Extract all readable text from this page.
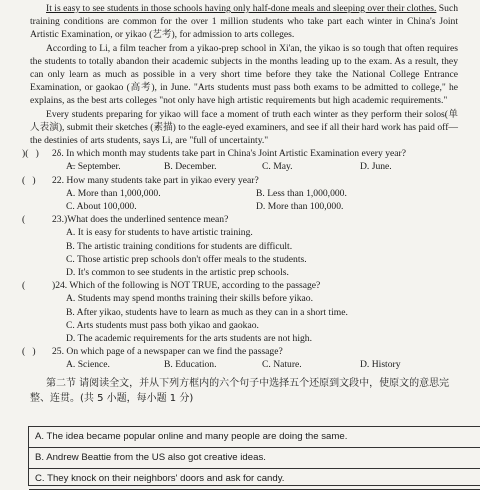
It is easy to see students in those schools having only half-done meals and sleeping over their clothes. Such training conditions are common for the over 1 million students who take part each winter in China's Joint Artistic Examination, or yikao (艺考), for admission to arts colleges.

According to Li, a film teacher from a yikao-prep school in Xi'an, the yikao is so tough that often requires the students to totally abandon their academic subjects in the months leading up to the exam. As a result, they can only learn as much as possible in a very short time before they take the National College Entrance Examination, or gaokao (高考), in June. "Arts students must pass both exams to be admitted to college," he explains, as the best arts colleges "not only have high artistic requirements but high academic requirements."

Every students preparing for yikao will face a moment of truth each winter as they perform their solos(单人表演), submit their sketches (素描) to the eagle-eyed examiners, and see if all their hard work has paid off—the destinies of arts students, says Li, are "full of uncertainty."

)(   ) 2δ. In which month may students take part in China's Joint Artistic Examination every year?

A̶. September.	B. December.	C. May.	D. June.

(   ) 22. How many students take part in yikao every year?

A. More than 1,000,000.	B. Less than 1,000,000.
C. About 100,000.	D. More than 100,000.

( 23.)What does the underlined sentence mean?

A. It is easy for students to have artistic training.

B. The artistic training conditions for students are difficult.

C. Those artistic prep schools don't offer meals to the students.

D. It's common to see students in the artistic prep schools.

( )24. Which of the following is NOT TRUE, according to the passage?

A. Students may spend months training their skills before yikao.

B. After yikao, students have to learn as much as they can in a short time.

C. Arts students must pass both yikao and gaokao.

D. The academic requirements for the arts students are not high.

(   ) 25. On which page of a newspaper can we find the passage?

A. Science.	B. Education.	C. Nature.	D. History

第二节 请阅读全文，并从下列方框内的六个句子中选择五个还原到文段中，使原文的意思完整、连贯。(共 5 小题，每小题 1 分)

A. The idea became popular online and many people are doing the same.
B. Andrew Beattie from the US also got creative ideas.
C. They knock on their neighbors' doors and ask for candy.
